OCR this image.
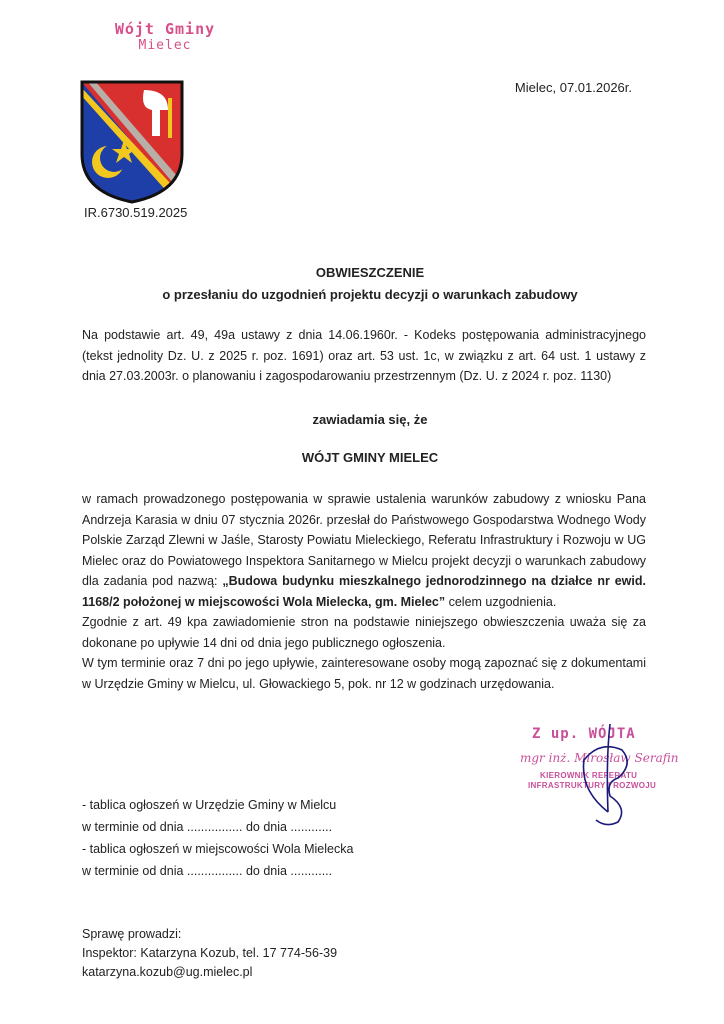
Wójt Gminy
Mielec
Mielec, 07.01.2026r.
IR.6730.519.2025
OBWIESZCZENIE
o przesłaniu do uzgodnień projektu decyzji o warunkach zabudowy
Na podstawie art. 49, 49a ustawy z dnia 14.06.1960r. - Kodeks postępowania administracyjnego (tekst jednolity Dz. U. z 2025 r. poz. 1691) oraz art. 53 ust. 1c, w związku z art. 64 ust. 1 ustawy z dnia 27.03.2003r. o planowaniu i zagospodarowaniu przestrzennym (Dz. U. z 2024 r. poz. 1130)
zawiadamia się, że
WÓJT GMINY MIELEC
w ramach prowadzonego postępowania w sprawie ustalenia warunków zabudowy z wniosku Pana Andrzeja Karasia w dniu 07 stycznia 2026r. przesłał do Państwowego Gospodarstwa Wodnego Wody Polskie Zarząd Zlewni w Jaśle, Starosty Powiatu Mieleckiego, Referatu Infrastruktury i Rozwoju w UG Mielec oraz do Powiatowego Inspektora Sanitarnego w Mielcu projekt decyzji o warunkach zabudowy dla zadania pod nazwą: „Budowa budynku mieszkalnego jednorodzinnego na działce nr ewid. 1168/2 położonej w miejscowości Wola Mielecka, gm. Mielec” celem uzgodnienia.
Zgodnie z art. 49 kpa zawiadomienie stron na podstawie niniejszego obwieszczenia uważa się za dokonane po upływie 14 dni od dnia jego publicznego ogłoszenia.
W tym terminie oraz 7 dni po jego upływie, zainteresowane osoby mogą zapoznać się z dokumentami w Urzędzie Gminy w Mielcu, ul. Głowackiego 5, pok. nr 12 w godzinach urzędowania.
Z up. WÓJTA
mgr inż. Mirosław Serafin
KIEROWNIK REFERATU
INFRASTRUKTURY I ROZWOJU
- tablica ogłoszeń w Urzędzie Gminy w Mielcu
w terminie od dnia ................ do dnia ............
- tablica ogłoszeń w miejscowości Wola Mielecka
w terminie od dnia ................ do dnia ............
Sprawę prowadzi:
Inspektor: Katarzyna Kozub, tel. 17 774-56-39
katarzyna.kozub@ug.mielec.pl
